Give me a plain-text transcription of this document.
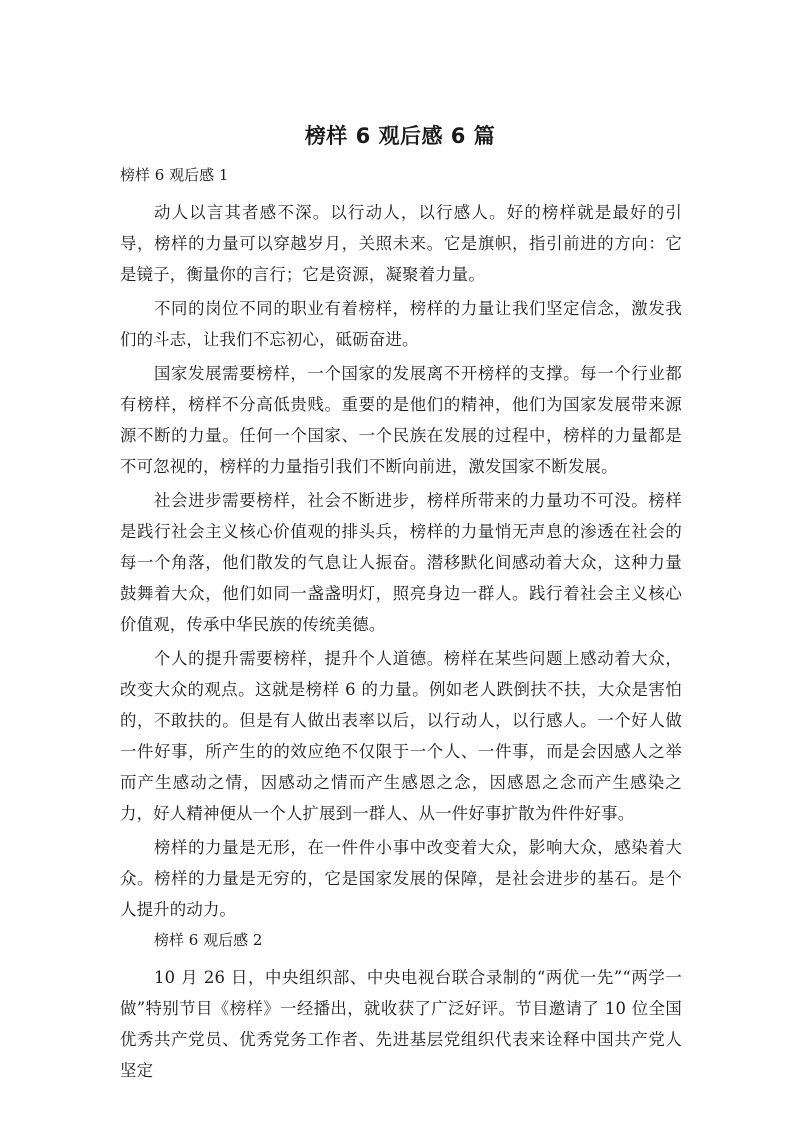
榜样 6 观后感 6 篇
榜样 6 观后感 1

动人以言其者感不深。以行动人，以行感人。好的榜样就是最好的引导，榜样的力量可以穿越岁月，关照未来。它是旗帜，指引前进的方向：它是镜子，衡量你的言行；它是资源，凝聚着力量。

不同的岗位不同的职业有着榜样，榜样的力量让我们坚定信念，激发我们的斗志，让我们不忘初心，砥砺奋进。

国家发展需要榜样，一个国家的发展离不开榜样的支撑。每一个行业都有榜样，榜样不分高低贵贱。重要的是他们的精神，他们为国家发展带来源源不断的力量。任何一个国家、一个民族在发展的过程中，榜样的力量都是不可忽视的，榜样的力量指引我们不断向前进，激发国家不断发展。

社会进步需要榜样，社会不断进步，榜样所带来的力量功不可没。榜样是践行社会主义核心价值观的排头兵，榜样的力量悄无声息的渗透在社会的每一个角落，他们散发的气息让人振奋。潜移默化间感动着大众，这种力量鼓舞着大众，他们如同一盏盏明灯，照亮身边一群人。践行着社会主义核心价值观，传承中华民族的传统美德。

个人的提升需要榜样，提升个人道德。榜样在某些问题上感动着大众，改变大众的观点。这就是榜样 6 的力量。例如老人跌倒扶不扶，大众是害怕的，不敢扶的。但是有人做出表率以后，以行动人，以行感人。一个好人做一件好事，所产生的的效应绝不仅限于一个人、一件事，而是会因感人之举而产生感动之情，因感动之情而产生感恩之念，因感恩之念而产生感染之力，好人精神便从一个人扩展到一群人、从一件好事扩散为件件好事。

榜样的力量是无形，在一件件小事中改变着大众，影响大众，感染着大众。榜样的力量是无穷的，它是国家发展的保障，是社会进步的基石。是个人提升的动力。

榜样 6 观后感 2

10 月 26 日，中央组织部、中央电视台联合录制的“两优一先”“两学一做”特别节目《榜样》一经播出，就收获了广泛好评。节目邀请了 10 位全国优秀共产党员、优秀党务工作者、先进基层党组织代表来诠释中国共产党人坚定
